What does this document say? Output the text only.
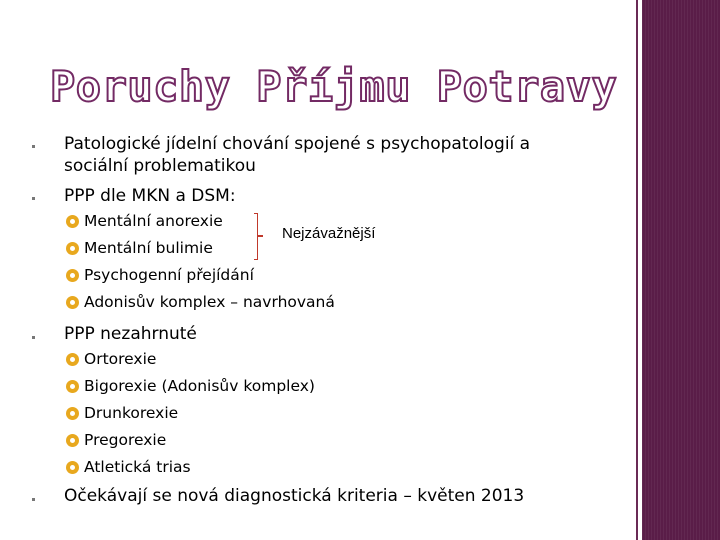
Poruchy Příjmu Potravy
Patologické jídelní chování spojené s psychopatologií a
sociální problematikou
PPP dle MKN a DSM:
Mentální anorexie
Mentální bulimie
Psychogenní přejídání
Adonisův komplex – navrhovaná
Nejzávažnější
PPP nezahrnuté
Ortorexie
Bigorexie (Adonisův komplex)
Drunkorexie
Pregorexie
Atletická trias
Očekávají se nová diagnostická kriteria – květen 2013
